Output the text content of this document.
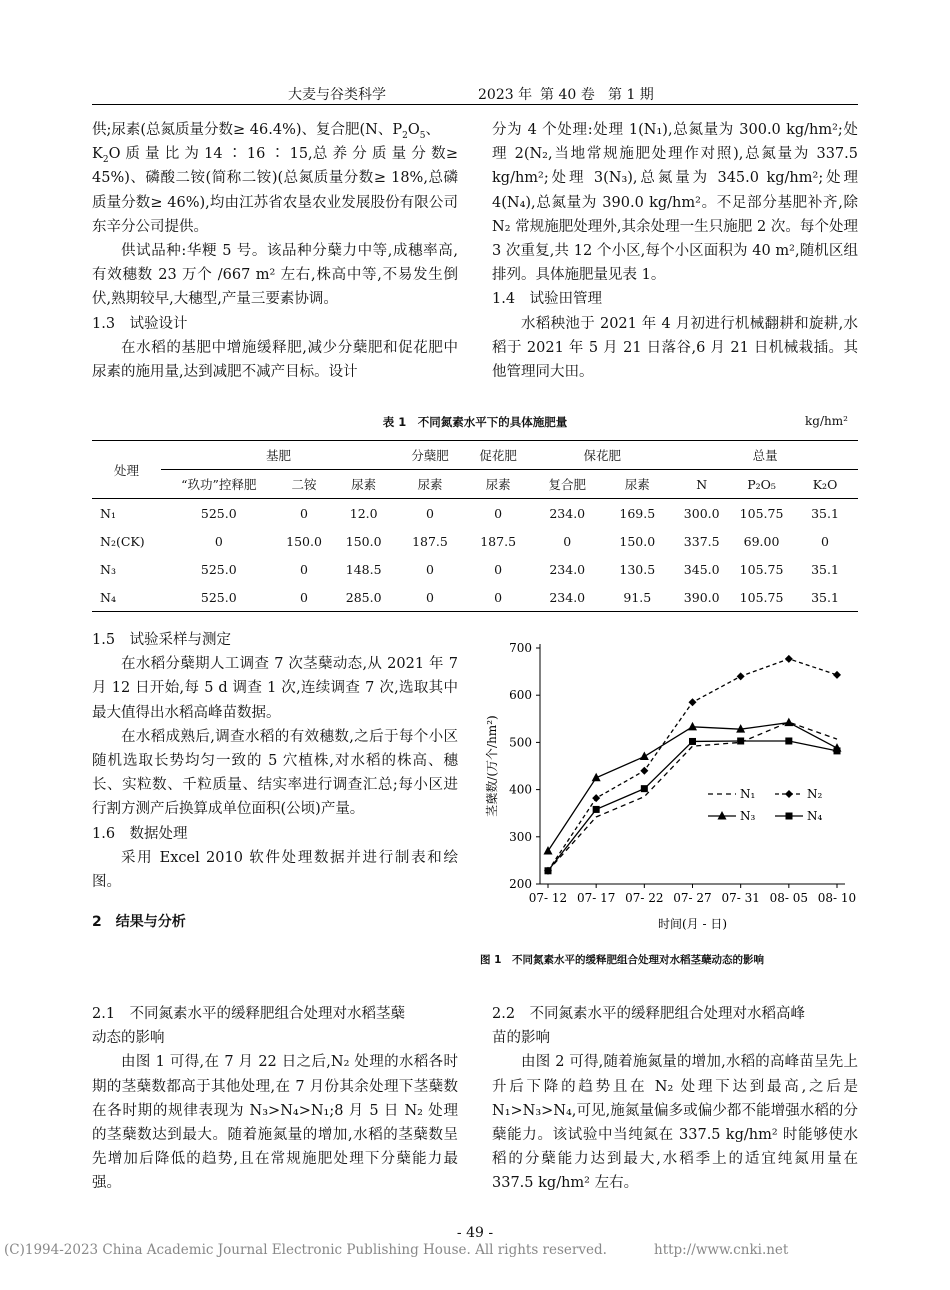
大麦与谷类科学	2023 年 第 40 卷 第 1 期

供;尿素(总氮质量分数≥ 46.4%)、复合肥(N、$P_2O_5$、
$K_2O$ 质 量 比 为 14 ∶ 16 ∶ 15,总 养 分 质 量 分 数≥ 45%)、磷酸二铵(简称二铵)(总氮质量分数≥ 18%,总磷质量分数≥ 46%),均由江苏省农垦农业发展股份有限公司东辛分公司提供。

供试品种:华粳 5 号。该品种分蘖力中等,成穗率高,有效穗数 23 万个 /667 m² 左右,株高中等,不易发生倒伏,熟期较早,大穗型,产量三要素协调。

1.3　试验设计

在水稻的基肥中增施缓释肥,减少分蘖肥和促花肥中尿素的施用量,达到减肥不减产目标。设计

分为 4 个处理:处理 1(N₁),总氮量为 300.0 kg/hm²;处理 2(N₂,当地常规施肥处理作对照),总氮量为 337.5 kg/hm²;处理 3(N₃),总氮量为 345.0 kg/hm²;处理 4(N₄),总氮量为 390.0 kg/hm²。不足部分基肥补齐,除 N₂ 常规施肥处理外,其余处理一生只施肥 2 次。每个处理 3 次重复,共 12 个小区,每个小区面积为 40 m²,随机区组排列。具体施肥量见表 1。

1.4　试验田管理

水稻秧池于 2021 年 4 月初进行机械翻耕和旋耕,水稻于 2021 年 5 月 21 日落谷,6 月 21 日机械栽插。其他管理同大田。

表 1　不同氮素水平下的具体施肥量	kg/hm²
处理	基肥			分蘖肥	促花肥	保花肥		总量		
	“玖功”控释肥	二铵	尿素	尿素	尿素	复合肥	尿素	N	P₂O₅	K₂O
N₁	525.0	0	12.0	0	0	234.0	169.5	300.0	105.75	35.1
N₂(CK)	0	150.0	150.0	187.5	187.5	0	150.0	337.5	69.00	0
N₃	525.0	0	148.5	0	0	234.0	130.5	345.0	105.75	35.1
N₄	525.0	0	285.0	0	0	234.0	91.5	390.0	105.75	35.1

1.5　试验采样与测定

在水稻分蘖期人工调查 7 次茎蘖动态,从 2021 年 7 月 12 日开始,每 5 d 调查 1 次,连续调查 7 次,选取其中最大值得出水稻高峰苗数据。

在水稻成熟后,调查水稻的有效穗数,之后于每个小区随机选取长势均匀一致的 5 穴植株,对水稻的株高、穗长、实粒数、千粒质量、结实率进行调查汇总;每小区进行割方测产后换算成单位面积(公顷)产量。

1.6　数据处理

采用 Excel 2010 软件处理数据并进行制表和绘图。

2　结果与分析

200
300
400
500
600
700
07- 12 07- 17 07- 22 07- 27 07- 31 08- 05 08- 10
时间(月 - 日)
茎蘖数/(万个/hm²)	N₁	N₂
N₃	N₄
图 1　不同氮素水平的缓释肥组合处理对水稻茎蘖动态的影响

2.1　不同氮素水平的缓释肥组合处理对水稻茎蘖
动态的影响

由图 1 可得,在 7 月 22 日之后,N₂ 处理的水稻各时期的茎蘖数都高于其他处理,在 7 月份其余处理下茎蘖数在各时期的规律表现为 N₃>N₄>N₁;8 月 5 日 N₂ 处理的茎蘖数达到最大。随着施氮量的增加,水稻的茎蘖数呈先增加后降低的趋势,且在常规施肥处理下分蘖能力最强。

2.2　不同氮素水平的缓释肥组合处理对水稻高峰
苗的影响

由图 2 可得,随着施氮量的增加,水稻的高峰苗呈先上升后下降的趋势且在 N₂ 处理下达到最高,之后是 N₁>N₃>N₄,可见,施氮量偏多或偏少都不能增强水稻的分蘖能力。该试验中当纯氮在 337.5 kg/hm² 时能够使水稻的分蘖能力达到最大,水稻季上的适宜纯氮用量在 337.5 kg/hm² 左右。

- 49 -
(C)1994-2023 China Academic Journal Electronic Publishing House. All rights reserved.	http://www.cnki.net
